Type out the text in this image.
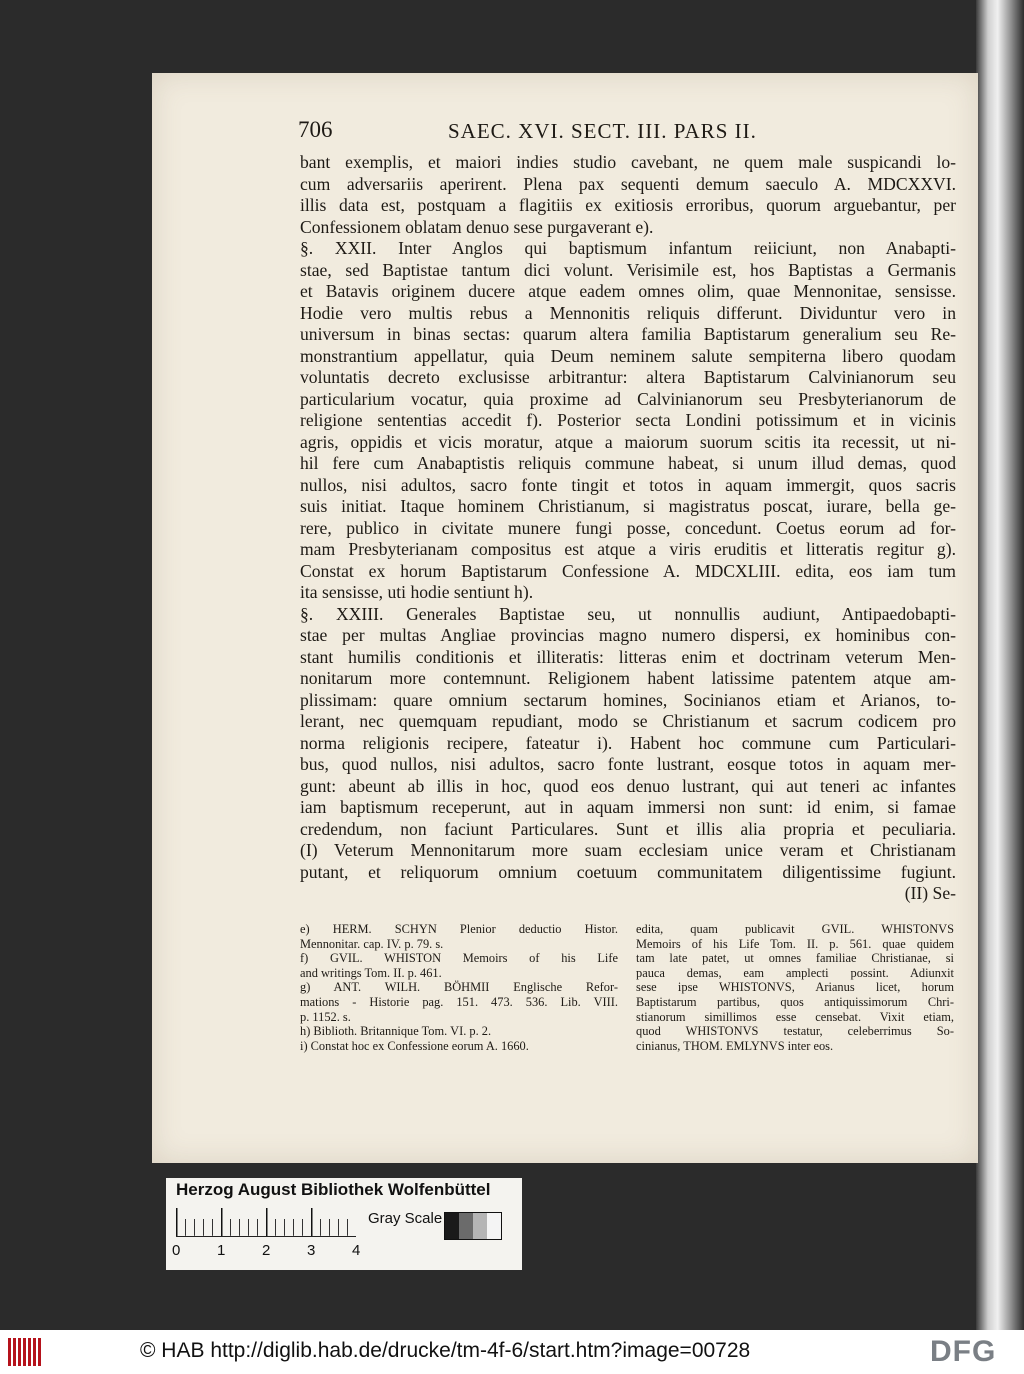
706	SAEC. XVI. SECT. III. PARS II.
bant exemplis, et maiori indies studio cavebant, ne quem male suspicandi lo-
cum adversariis aperirent. Plena pax sequenti demum saeculo A. MDCXXVI.
illis data est, postquam a flagitiis ex exitiosis erroribus, quorum arguebantur, per
Confessionem oblatam denuo sese purgaverant e).
§. XXII. Inter Anglos qui baptismum infantum reiiciunt, non Anabapti-
stae, sed Baptistae tantum dici volunt. Verisimile est, hos Baptistas a Germanis
et Batavis originem ducere atque eadem omnes olim, quae Mennonitae, sensisse.
Hodie vero multis rebus a Mennonitis reliquis differunt. Dividuntur vero in
universum in binas sectas: quarum altera familia Baptistarum generalium seu Re-
monstrantium appellatur, quia Deum neminem salute sempiterna libero quodam
voluntatis decreto exclusisse arbitrantur: altera Baptistarum Calvinianorum seu
particularium vocatur, quia proxime ad Calvinianorum seu Presbyterianorum de
religione sententias accedit f). Posterior secta Londini potissimum et in vicinis
agris, oppidis et vicis moratur, atque a maiorum suorum scitis ita recessit, ut ni-
hil fere cum Anabaptistis reliquis commune habeat, si unum illud demas, quod
nullos, nisi adultos, sacro fonte tingit et totos in aquam immergit, quos sacris
suis initiat. Itaque hominem Christianum, si magistratus poscat, iurare, bella ge-
rere, publico in civitate munere fungi posse, concedunt. Coetus eorum ad for-
mam Presbyterianam compositus est atque a viris eruditis et litteratis regitur g).
Constat ex horum Baptistarum Confessione A. MDCXLIII. edita, eos iam tum
ita sensisse, uti hodie sentiunt h).
§. XXIII. Generales Baptistae seu, ut nonnullis audiunt, Antipaedobapti-
stae per multas Angliae provincias magno numero dispersi, ex hominibus con-
stant humilis conditionis et illiteratis: litteras enim et doctrinam veterum Men-
nonitarum more contemnunt. Religionem habent latissime patentem atque am-
plissimam: quare omnium sectarum homines, Socinianos etiam et Arianos, to-
lerant, nec quemquam repudiant, modo se Christianum et sacrum codicem pro
norma religionis recipere, fateatur i). Habent hoc commune cum Particulari-
bus, quod nullos, nisi adultos, sacro fonte lustrant, eosque totos in aquam mer-
gunt: abeunt ab illis in hoc, quod eos denuo lustrant, qui aut teneri ac infantes
iam baptismum receperunt, aut in aquam immersi non sunt: id enim, si famae
credendum, non faciunt Particulares. Sunt et illis alia propria et peculiaria.
(I) Veterum Mennonitarum more suam ecclesiam unice veram et Christianam
putant, et reliquorum omnium coetuum communitatem diligentissime fugiunt.
(II) Se-
e) HERM. SCHYN Plenior deductio Histor.
Mennonitar. cap. IV. p. 79. s.
f) GVIL. WHISTON Memoirs of his Life
and writings Tom. II. p. 461.
g) ANT. WILH. BÖHMII Englische Refor-
mations - Historie pag. 151. 473. 536. Lib. VIII.
p. 1152. s.
h) Biblioth. Britannique Tom. VI. p. 2.
i) Constat hoc ex Confessione eorum A. 1660.
edita, quam publicavit GVIL. WHISTONVS
Memoirs of his Life Tom. II. p. 561. quae quidem
tam late patet, ut omnes familiae Christianae, si
pauca demas, eam amplecti possint. Adiunxit
sese ipse WHISTONVS, Arianus licet, horum
Baptistarum partibus, quos antiquissimorum Chri-
stianorum simillimos esse censebat. Vixit etiam,
quod WHISTONVS testatur, celeberrimus So-
cinianus, THOM. EMLYNVS inter eos.
Herzog August Bibliothek Wolfenbüttel
Gray Scale
0 1 2 3 4
© HAB http://diglib.hab.de/drucke/tm-4f-6/start.htm?image=00728	DFG
